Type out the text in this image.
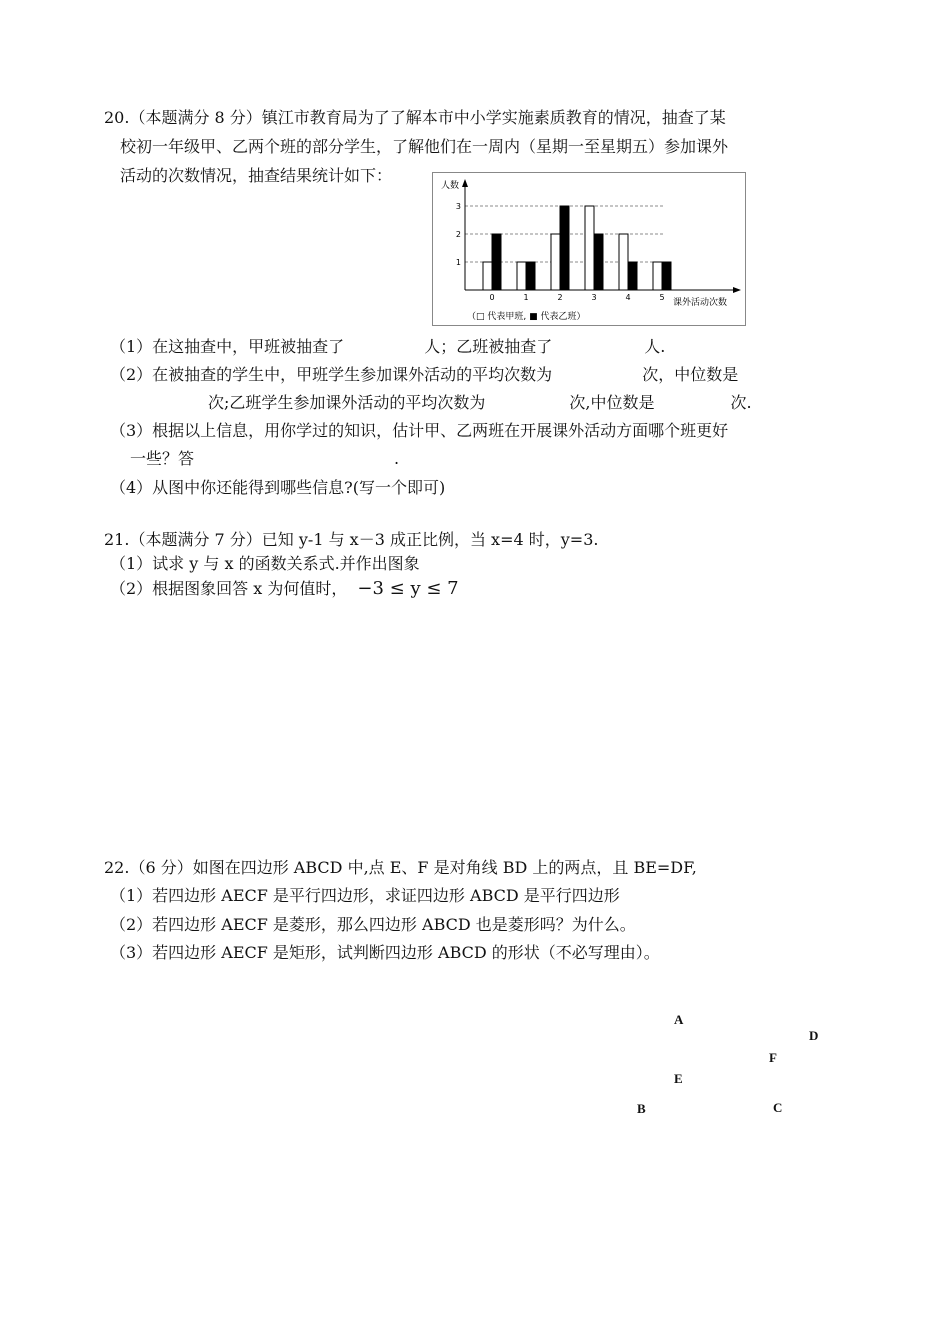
20.（本题满分 8 分）镇江市教育局为了了解本市中小学实施素质教育的情况，抽查了某
校初一年级甲、乙两个班的部分学生，了解他们在一周内（星期一至星期五）参加课外
活动的次数情况，抽查结果统计如下：
1
2
3
人数
0	1	2	3	4	5
课外活动次数
（□ 代表甲班, ■ 代表乙班）
（1）在这抽查中，甲班被抽查了	人；乙班被抽查了	人.
（2）在被抽查的学生中，甲班学生参加课外活动的平均次数为	次，中位数是
次;乙班学生参加课外活动的平均次数为	次,中位数是	次.
（3）根据以上信息，用你学过的知识，估计甲、乙两班在开展课外活动方面哪个班更好
一些？答	.
（4）从图中你还能得到哪些信息?(写一个即可)
21.（本题满分 7 分）已知 y-1 与 x－3 成正比例，当 x=4 时，y=3.
（1）试求 y 与 x 的函数关系式.并作出图象
（2）根据图象回答 x 为何值时， −3 ≤ y ≤ 7
22.（6 分）如图在四边形 ABCD 中,点 E、F 是对角线 BD 上的两点，且 BE=DF,
（1）若四边形 AECF 是平行四边形，求证四边形 ABCD 是平行四边形
（2）若四边形 AECF 是菱形，那么四边形 ABCD 也是菱形吗？为什么。
（3）若四边形 AECF 是矩形，试判断四边形 ABCD 的形状（不必写理由）。
A
D
F
E
B	C
